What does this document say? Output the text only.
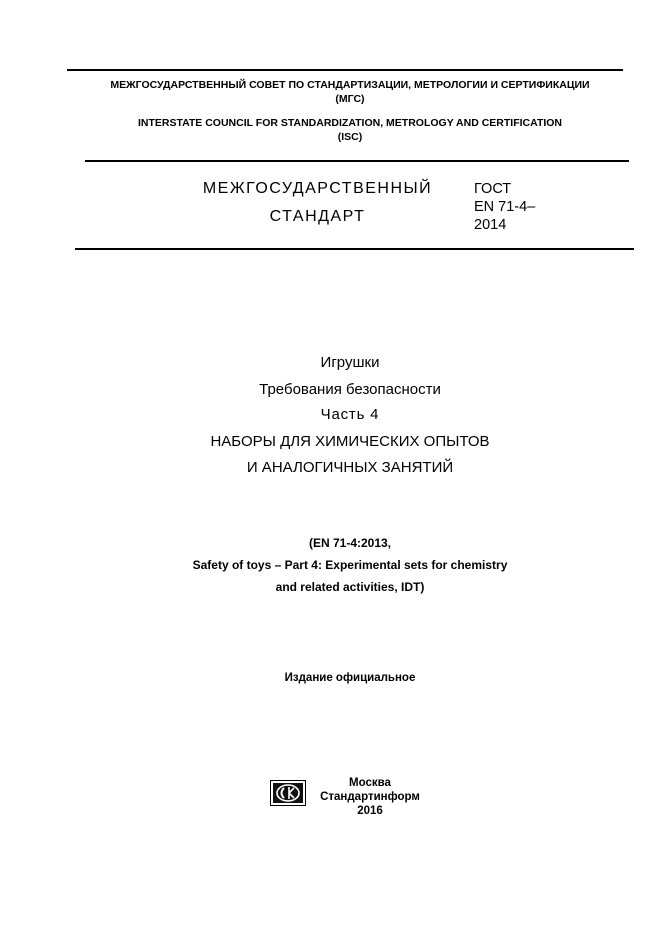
МЕЖГОСУДАРСТВЕННЫЙ СОВЕТ ПО СТАНДАРТИЗАЦИИ, МЕТРОЛОГИИ И СЕРТИФИКАЦИИ
(МГС)
INTERSTATE COUNCIL FOR STANDARDIZATION, METROLOGY AND CERTIFICATION
(ISC)
МЕЖГОСУДАРСТВЕННЫЙ
СТАНДАРТ
ГОСТ
EN 71-4–
2014
Игрушки
Требования безопасности
Часть 4
НАБОРЫ ДЛЯ ХИМИЧЕСКИХ ОПЫТОВ
И АНАЛОГИЧНЫХ ЗАНЯТИЙ
(EN 71-4:2013,
Safety of toys – Part 4: Experimental sets for chemistry
and related activities, IDT)
Издание официальное
Москва
Стандартинформ
2016
